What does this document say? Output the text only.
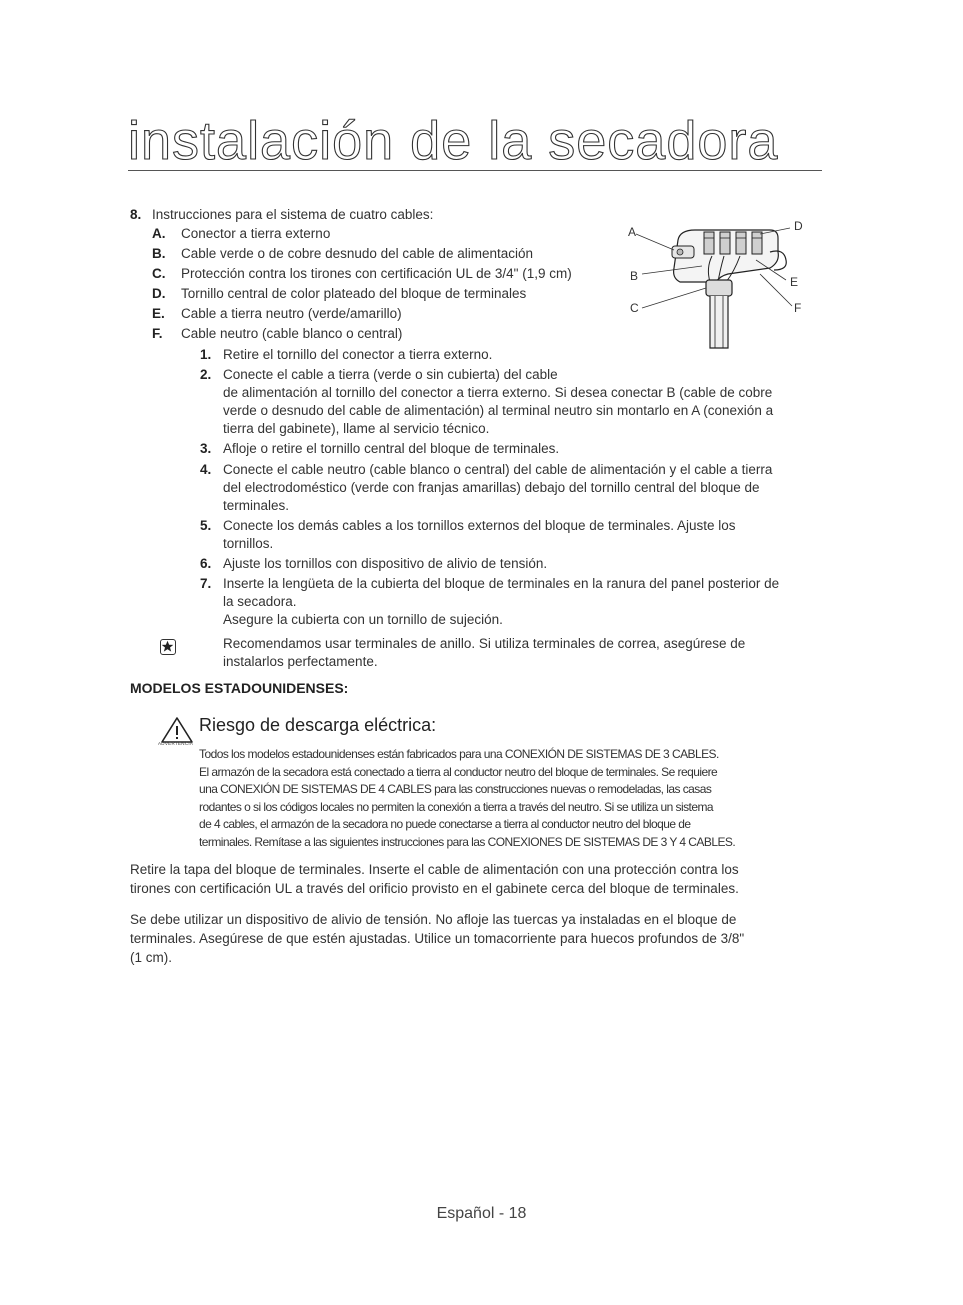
instalación de la secadora
8. Instrucciones para el sistema de cuatro cables:
A. Conector a tierra externo
B. Cable verde o de cobre desnudo del cable de alimentación
C. Protección contra los tirones con certificación UL de 3/4" (1,9 cm)
D. Tornillo central de color plateado del bloque de terminales
E. Cable a tierra neutro (verde/amarillo)
F. Cable neutro (cable blanco o central)
A
B
C
D
E
F
1. Retire el tornillo del conector a tierra externo.
2. Conecte el cable a tierra (verde o sin cubierta) del cable
de alimentación al tornillo del conector a tierra externo. Si desea conectar B (cable de cobre
verde o desnudo del cable de alimentación) al terminal neutro sin montarlo en A (conexión a
tierra del gabinete), llame al servicio técnico.
3. Afloje o retire el tornillo central del bloque de terminales.
4. Conecte el cable neutro (cable blanco o central) del cable de alimentación y el cable a tierra
del electrodoméstico (verde con franjas amarillas) debajo del tornillo central del bloque de
terminales.
5. Conecte los demás cables a los tornillos externos del bloque de terminales. Ajuste los
tornillos.
6. Ajuste los tornillos con dispositivo de alivio de tensión.
7. Inserte la lengüeta de la cubierta del bloque de terminales en la ranura del panel posterior de
la secadora.
Asegure la cubierta con un tornillo de sujeción.
Recomendamos usar terminales de anillo. Si utiliza terminales de correa, asegúrese de
instalarlos perfectamente.
MODELOS ESTADOUNIDENSES:
ADVERTENCIA
Riesgo de descarga eléctrica:
Todos los modelos estadounidenses están fabricados para una CONEXIÓN DE SISTEMAS DE 3 CABLES.
El armazón de la secadora está conectado a tierra al conductor neutro del bloque de terminales. Se requiere
una CONEXIÓN DE SISTEMAS DE 4 CABLES para las construcciones nuevas o remodeladas, las casas
rodantes o si los códigos locales no permiten la conexión a tierra a través del neutro. Si se utiliza un sistema
de 4 cables, el armazón de la secadora no puede conectarse a tierra al conductor neutro del bloque de
terminales. Remítase a las siguientes instrucciones para las CONEXIONES DE SISTEMAS DE 3 Y 4 CABLES.
Retire la tapa del bloque de terminales. Inserte el cable de alimentación con una protección contra los
tirones con certificación UL a través del orificio provisto en el gabinete cerca del bloque de terminales.
Se debe utilizar un dispositivo de alivio de tensión. No afloje las tuercas ya instaladas en el bloque de
terminales. Asegúrese de que estén ajustadas. Utilice un tomacorriente para huecos profundos de 3/8"
(1 cm).
Español - 18
